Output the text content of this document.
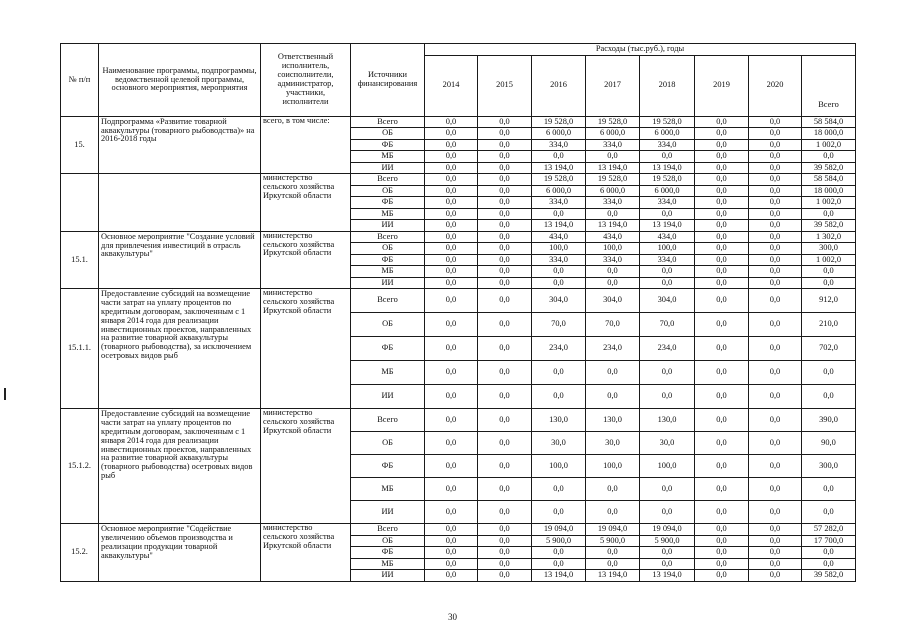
№ п/п	Наименование программы, подпрограммы, ведомственной целевой программы, основного мероприятия, мероприятия	Ответственный исполнитель, соисполнители, администратор, участники, исполнители	Источники финансирования	Расходы (тыс.руб.), годы							
				2014	2015	2016	2017	2018	2019	2020	Всего
15.	Подпрограмма «Развитие товарной аквакультуры (товарного рыбоводства)» на 2016-2018 годы	всего, в том числе:	Всего	0,0	0,0	19 528,0	19 528,0	19 528,0	0,0	0,0	58 584,0
			ОБ	0,0	0,0	6 000,0	6 000,0	6 000,0	0,0	0,0	18 000,0
			ФБ	0,0	0,0	334,0	334,0	334,0	0,0	0,0	1 002,0
			МБ	0,0	0,0	0,0	0,0	0,0	0,0	0,0	0,0
			ИИ	0,0	0,0	13 194,0	13 194,0	13 194,0	0,0	0,0	39 582,0
		министерство сельского хозяйства Иркутской области	Всего	0,0	0,0	19 528,0	19 528,0	19 528,0	0,0	0,0	58 584,0
			ОБ	0,0	0,0	6 000,0	6 000,0	6 000,0	0,0	0,0	18 000,0
			ФБ	0,0	0,0	334,0	334,0	334,0	0,0	0,0	1 002,0
			МБ	0,0	0,0	0,0	0,0	0,0	0,0	0,0	0,0
			ИИ	0,0	0,0	13 194,0	13 194,0	13 194,0	0,0	0,0	39 582,0
15.1.	Основное мероприятие "Создание условий для привлечения инвестиций в отрасль аквакультуры"	министерство сельского хозяйства Иркутской области	Всего	0,0	0,0	434,0	434,0	434,0	0,0	0,0	1 302,0
			ОБ	0,0	0,0	100,0	100,0	100,0	0,0	0,0	300,0
			ФБ	0,0	0,0	334,0	334,0	334,0	0,0	0,0	1 002,0
			МБ	0,0	0,0	0,0	0,0	0,0	0,0	0,0	0,0
			ИИ	0,0	0,0	0,0	0,0	0,0	0,0	0,0	0,0
15.1.1.	Предоставление субсидий на возмещение части затрат на уплату процентов по кредитным договорам, заключенным с 1 января 2014 года для реализации инвестиционных проектов, направленных на развитие товарной аквакультуры (товарного рыбоводства), за исключением осетровых видов рыб	министерство сельского хозяйства Иркутской области	Всего	0,0	0,0	304,0	304,0	304,0	0,0	0,0	912,0
			ОБ	0,0	0,0	70,0	70,0	70,0	0,0	0,0	210,0
			ФБ	0,0	0,0	234,0	234,0	234,0	0,0	0,0	702,0
			МБ	0,0	0,0	0,0	0,0	0,0	0,0	0,0	0,0
			ИИ	0,0	0,0	0,0	0,0	0,0	0,0	0,0	0,0
15.1.2.	Предоставление субсидий на возмещение части затрат на уплату процентов по кредитным договорам, заключенным с 1 января 2014 года для реализации инвестиционных проектов, направленных на развитие товарной аквакультуры (товарного рыбоводства) осетровых видов рыб	министерство сельского хозяйства Иркутской области	Всего	0,0	0,0	130,0	130,0	130,0	0,0	0,0	390,0
			ОБ	0,0	0,0	30,0	30,0	30,0	0,0	0,0	90,0
			ФБ	0,0	0,0	100,0	100,0	100,0	0,0	0,0	300,0
			МБ	0,0	0,0	0,0	0,0	0,0	0,0	0,0	0,0
			ИИ	0,0	0,0	0,0	0,0	0,0	0,0	0,0	0,0
15.2.	Основное мероприятие "Содействие увеличению объемов производства и реализации продукции товарной аквакультуры"	министерство сельского хозяйства Иркутской области	Всего	0,0	0,0	19 094,0	19 094,0	19 094,0	0,0	0,0	57 282,0
			ОБ	0,0	0,0	5 900,0	5 900,0	5 900,0	0,0	0,0	17 700,0
			ФБ	0,0	0,0	0,0	0,0	0,0	0,0	0,0	0,0
			МБ	0,0	0,0	0,0	0,0	0,0	0,0	0,0	0,0
			ИИ	0,0	0,0	13 194,0	13 194,0	13 194,0	0,0	0,0	39 582,0
30
